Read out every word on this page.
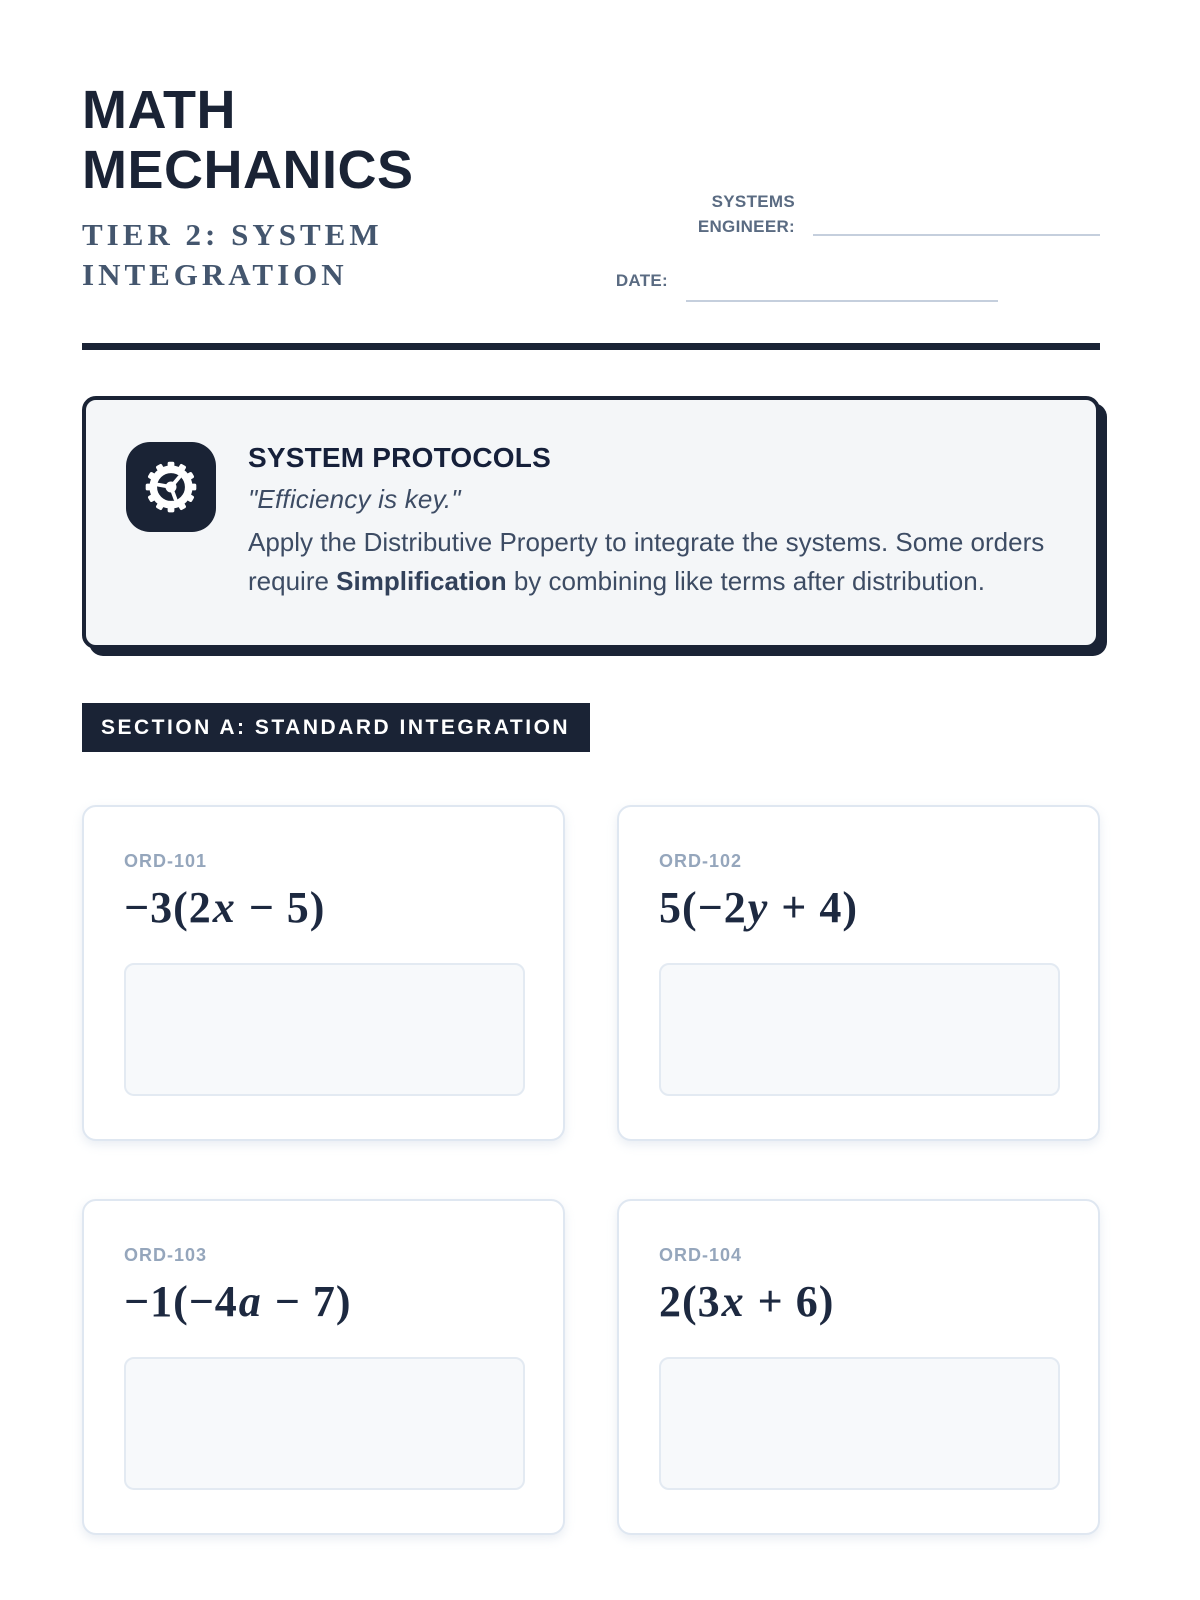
MATH MECHANICS
TIER 2: SYSTEM INTEGRATION
SYSTEMS ENGINEER:
DATE:
SYSTEM PROTOCOLS

"Efficiency is key."

Apply the Distributive Property to integrate the systems. Some orders require Simplification by combining like terms after distribution.

SECTION A: STANDARD INTEGRATION
ORD-101
−3(2x − 5)
ORD-102
5(−2y + 4)
ORD-103
−1(−4a − 7)
ORD-104
2(3x + 6)
